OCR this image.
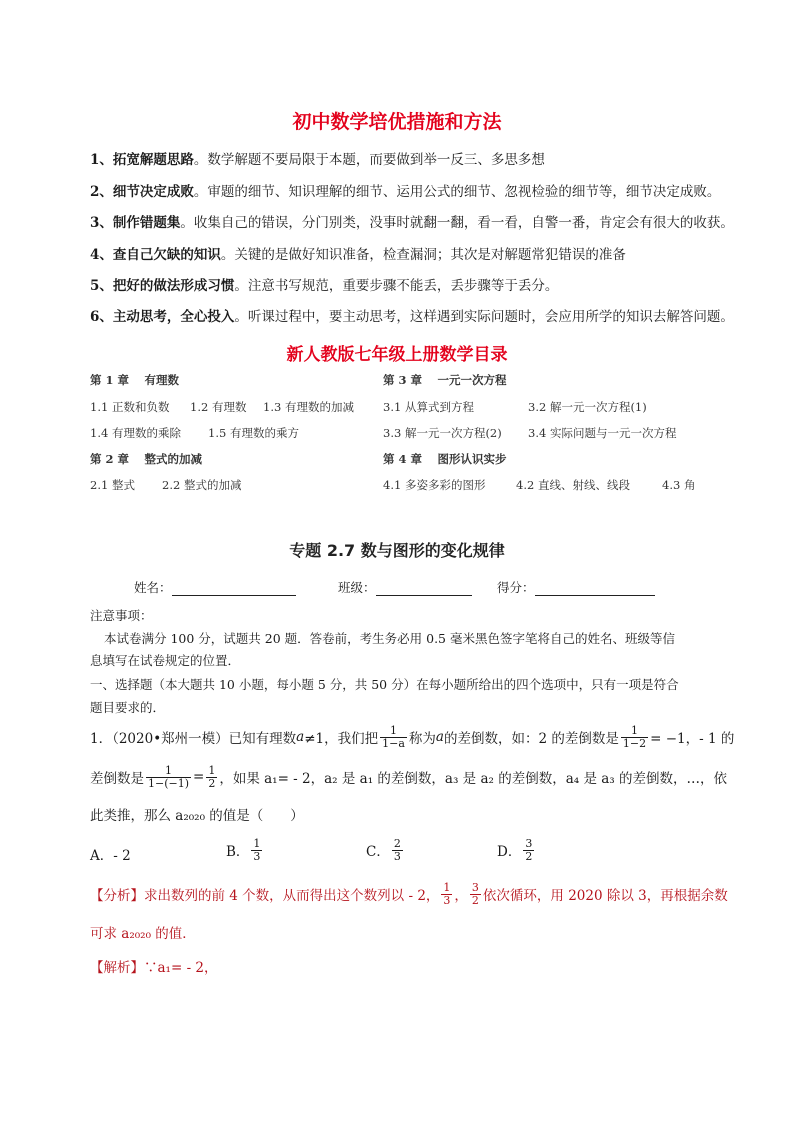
初中数学培优措施和方法
1、拓宽解题思路。数学解题不要局限于本题，而要做到举一反三、多思多想
2、细节决定成败。审题的细节、知识理解的细节、运用公式的细节、忽视检验的细节等，细节决定成败。
3、制作错题集。收集自己的错误，分门别类，没事时就翻一翻，看一看，自警一番，肯定会有很大的收获。
4、查自己欠缺的知识。关键的是做好知识准备，检查漏洞；其次是对解题常犯错误的准备
5、把好的做法形成习惯。注意书写规范，重要步骤不能丢，丢步骤等于丢分。
6、主动思考，全心投入。听课过程中，要主动思考，这样遇到实际问题时，会应用所学的知识去解答问题。
新人教版七年级上册数学目录
第 1 章　 有理数
1.1 正数和负数 1.2 有理数 1.3 有理数的加减
1.4 有理数的乘除 1.5 有理数的乘方
第 2 章　 整式的加减
2.1 整式 2.2 整式的加减
第 3 章　 一元一次方程
3.1 从算式到方程	3.2 解一元一次方程(1)
3.3 解一元一次方程(2) 3.4 实际问题与一元一次方程
第 4 章　 图形认识实步
4.1 多姿多彩的图形	4.2 直线、射线、线段	4.3 角
专题 2.7 数与图形的变化规律
姓名：	班级：	得分：
注意事项：
本试卷满分 100 分，试题共 20 题．答卷前，考生务必用 0.5 毫米黑色签字笔将自己的姓名、班级等信
息填写在试卷规定的位置．
一、选择题（本大题共 10 小题，每小题 5 分，共 50 分）在每小题所给出的四个选项中，只有一项是符合
题目要求的．
1．（2020•郑州一模）已知有理数 a ≠1，我们把 $\frac{1}{1-a}$ 称为 a 的差倒数，如：2 的差倒数是 $\frac{1}{1-2} = -1$，- 1 的
差倒数是 $\frac{1}{1-(-1)} = \frac{1}{2}$ ，如果 a₁= - 2，a₂ 是 a₁ 的差倒数，a₃ 是 a₂ 的差倒数，a₄ 是 a₃ 的差倒数，…，依
此类推，那么 a₂₀₂₀ 的值是（　　）
A．- 2	B． $\frac{1}{3}$	C． $\frac{2}{3}$	D． $\frac{3}{2}$
【分析】求出数列的前 4 个数，从而得出这个数列以 - 2， $\frac{1}{3}$ ， $\frac{3}{2}$ 依次循环，用 2020 除以 3，再根据余数
可求 a₂₀₂₀ 的值．
【解析】∵a₁= - 2，
